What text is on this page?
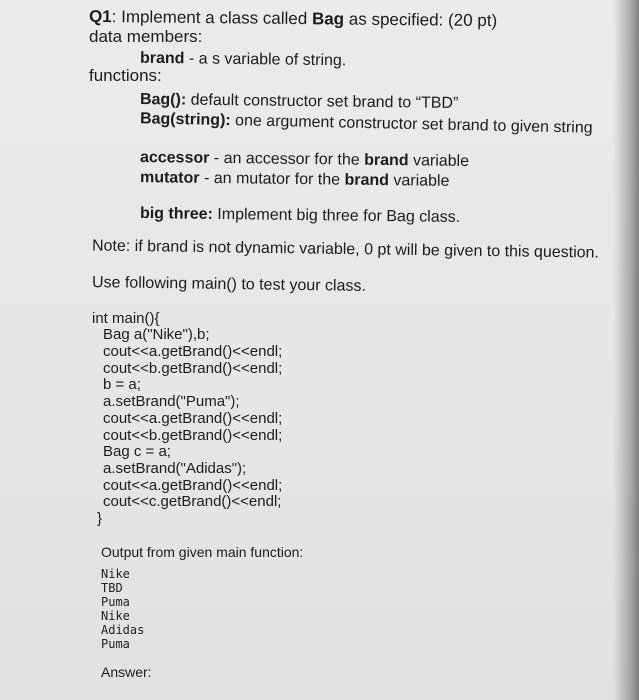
Q1: Implement a class called Bag as specified: (20 pt)
data members:
brand - a s variable of string.
functions:
Bag(): default constructor set brand to “TBD”
Bag(string): one argument constructor set brand to given string
accessor - an accessor for the brand variable
mutator - an mutator for the brand variable
big three: Implement big three for Bag class.
Note: if brand is not dynamic variable, 0 pt will be given to this question.
Use following main() to test your class.
int main(){
Bag a("Nike"),b;
cout<<a.getBrand()<<endl;
cout<<b.getBrand()<<endl;
b = a;
a.setBrand("Puma");
cout<<a.getBrand()<<endl;
cout<<b.getBrand()<<endl;
Bag c = a;
a.setBrand("Adidas");
cout<<a.getBrand()<<endl;
cout<<c.getBrand()<<endl;
}
Output from given main function:
Nike
TBD
Puma
Nike
Adidas
Puma
Answer:
